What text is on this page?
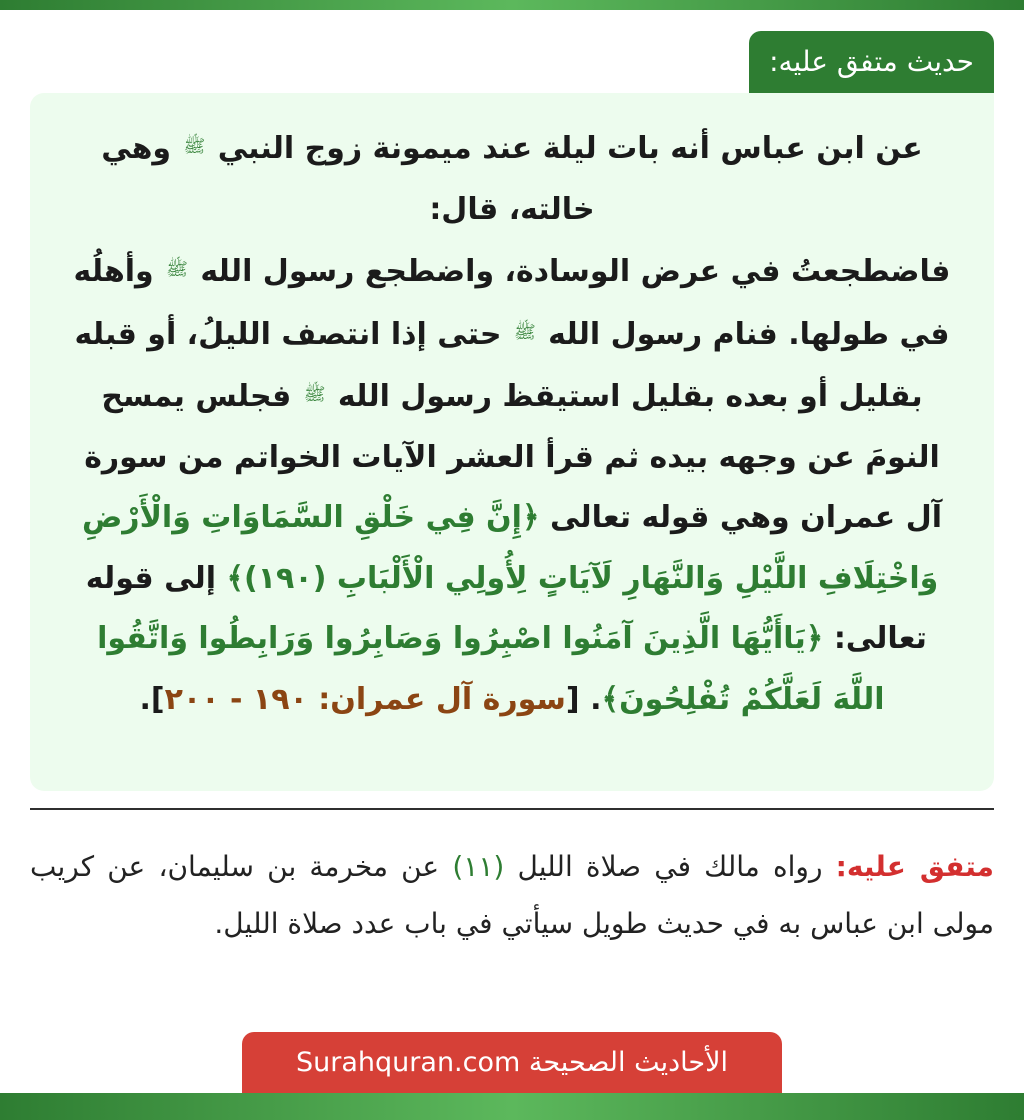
حديث متفق عليه:

عن ابن عباس أنه بات ليلة عند ميمونة زوج النبي $^ﷺ$ وهي خالته، قال:

فاضطجعتُ في عرض الوسادة، واضطجع رسول الله $^ﷺ$ وأهلُه في طولها. فنام رسول الله $^ﷺ$ حتى إذا انتصف الليلُ، أو قبله بقليل أو بعده بقليل استيقظ رسول الله $^ﷺ$ فجلس يمسح النومَ عن وجهه بيده ثم قرأ العشر الآيات الخواتم من سورة آل عمران وهي قوله تعالى ﴿إِنَّ فِي خَلْقِ السَّمَاوَاتِ وَالْأَرْضِ وَاخْتِلَافِ اللَّيْلِ وَالنَّهَارِ لَآيَاتٍ لِأُولِي الْأَلْبَابِ (١٩٠)﴾ إلى قوله تعالى: ﴿يَاأَيُّهَا الَّذِينَ آمَنُوا اصْبِرُوا وَصَابِرُوا وَرَابِطُوا وَاتَّقُوا اللَّهَ لَعَلَّكُمْ تُفْلِحُونَ﴾. [سورة آل عمران: ١٩٠ - ٢٠٠].

متفق عليه: رواه مالك في صلاة الليل (١١) عن مخرمة بن سليمان، عن كريب مولى ابن عباس به في حديث طويل سيأتي في باب عدد صلاة الليل.
الأحاديث الصحيحة Surahquran.com
